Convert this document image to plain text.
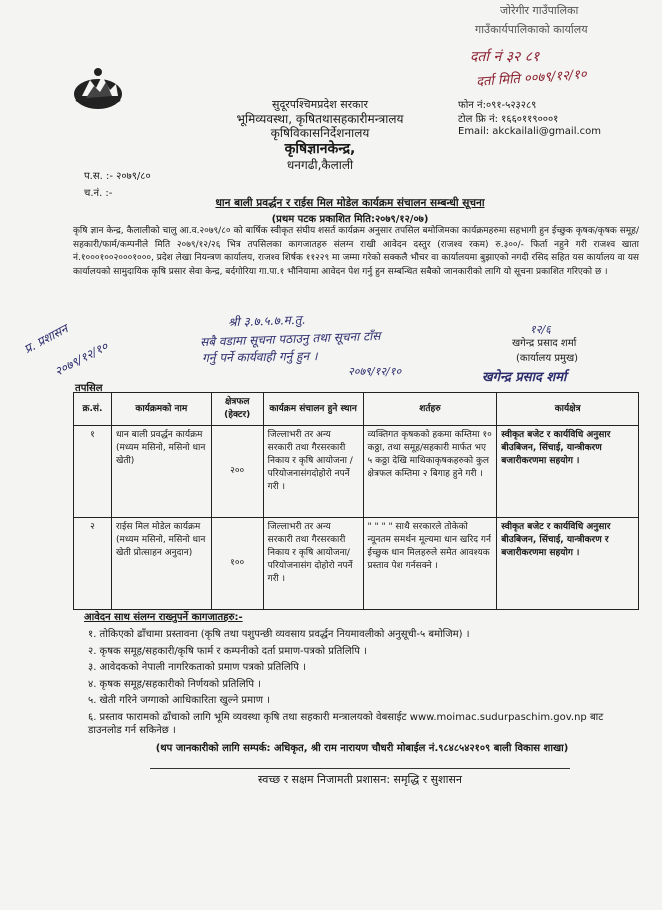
जोरेगीर गाउँपालिका
गाउँकार्यपालिकाको कार्यालय
दर्ता नं ३२ ८१
दर्ता मिति ००७९/१२/१०
सुदूरपश्चिमप्रदेश सरकार
भूमिव्यवस्था, कृषितथासहकारीमन्त्रालय
कृषिविकासनिर्देशनालय
कृषिज्ञानकेन्द्र,
धनगढी,कैलाली
फोन नं:०९१-५२३२८९
टोल फ्रि नं: १६६०११९०००१
Email: akckailali@gmail.com
प.स. :- २०७९/८०
च.नं. :-
धान बाली प्रवर्द्धन र राईस मिल मोडेल कार्यक्रम संचालन सम्बन्धी सूचना
(प्रथम पटक प्रकाशित मिति:२०७९/१२/०७)
कृषि ज्ञान केन्द्र, कैलालीको चालु आ.व.२०७९/८० को बार्षिक स्वीकृत संघीय शसर्त कार्यक्रम अनुसार तपसिल बमोजिमका कार्यक्रमहरुमा सहभागी हुन ईच्छुक कृषक/कृषक समूह/सहकारी/फार्म/कम्पनीले मिति २०७९/१२/२६ भित्र तपसिलका कागजातहरु संलग्न राखी आवेदन दस्तुर (राजश्व रकम) रु.३००/- फिर्ता नहुने गरी राजश्व खाता नं.१०००१००२०००१०००, प्रदेश लेखा नियन्त्रण कार्यालय, राजश्व शिर्षक ११२२९ मा जम्मा गरेको सक्कलै भौचर वा कार्यालयमा बुझाएको नगदी रसिद सहित यस कार्यालय वा यस कार्यालयको सामुदायिक कृषि प्रसार सेवा केन्द्र, बर्दगोरिया गा.पा.१ भौनियामा आवेदन पेश गर्नु हुन सम्बन्धित सबैको जानकारीको लागि यो सूचना प्रकाशित गरिएको छ ।
श्री ३.७.५.७.म.तु.
सबै वडामा सूचना पठाउनु तथा सूचना टाँस
गर्नु पर्ने कार्यवाही गर्नु हुन ।
१२/६
प्र. प्रशासन
२०७९/१२/१०	२०७९/१२/१०
खगेन्द्र प्रसाद शर्मा
(कार्यालय प्रमुख)
खगेन्द्र प्रसाद शर्मा
तपसिल
क्र.सं.	कार्यक्रमको नाम	क्षेत्रफल (हेक्टर)	कार्यक्रम संचालन हुने स्थान	शर्तहरु	कार्यक्षेत्र
१	धान बाली प्रवर्द्धन कार्यक्रम (मध्यम मसिनो, मसिनो धान खेती)	२००	जिल्लाभरी तर अन्य सरकारी तथा गैरसरकारी निकाय र कृषि आयोजना /परियोजनासंगदोहोरो नपर्ने गरी ।	व्यक्तिगत कृषकको हकमा कम्तिमा १० कठ्ठा, तथा समूह/सहकारी मार्फत भए ५ कठ्ठा देखि माथिकाकृषकहरुको कुल क्षेत्रफल कम्तिमा २ बिगाह हुने गरी ।	स्वीकृत बजेट र कार्यविधि अनुसार बीउबिजन, सिंचाई, यान्त्रीकरण बजारीकरणमा सहयोग ।
२	राईस मिल मोडेल कार्यक्रम (मध्यम मसिनो, मसिनो धान खेती प्रोत्साहन अनुदान)	१००	जिल्लाभरी तर अन्य सरकारी तथा गैरसरकारी निकाय र कृषि आयोजना/परियोजनासंग दोहोरो नपर्ने गरी ।	" " " " साथै सरकारले तोकेको न्यूनतम समर्थन मूल्यमा धान खरिद गर्न ईच्छुक धान मिलहरुले समेत आवश्यक प्रस्ताव पेश गर्नसक्ने ।	स्वीकृत बजेट र कार्यविधि अनुसार बीउबिजन, सिंचाई, यान्त्रीकरण र बजारीकरणमा सहयोग ।
आवेदन साथ संलग्न राख्नुपर्ने कागजातहरु:-
१. तोकिएको ढाँचामा प्रस्तावना (कृषि तथा पशुपन्छी व्यवसाय प्रवर्द्धन नियमावलीको अनुसूची-५ बमोजिम) ।
२. कृषक समूह/सहकारी/कृषि फार्म र कम्पनीको दर्ता प्रमाण-पत्रको प्रतिलिपि ।
३. आवेदकको नेपाली नागरिकताको प्रमाण पत्रको प्रतिलिपि ।
४. कृषक समूह/सहकारीको निर्णयको प्रतिलिपि ।
५. खेती गरिने जग्गाको आधिकारिता खुल्ने प्रमाण ।
६. प्रस्ताव फारामको ढाँचाको लागि भूमि व्यवस्था कृषि तथा सहकारी मन्त्रालयको वेबसाईट www.moimac.sudurpaschim.gov.np बाट डाउनलोड गर्न सकिनेछ ।
(थप जानकारीको लागि सम्पर्क: अधिकृत, श्री राम नारायण चौधरी मोबाईल नं.९८४८५४२१०९ बाली विकास शाखा)
स्वच्छ र सक्षम निजामती प्रशासन: समृद्धि र सुशासन
